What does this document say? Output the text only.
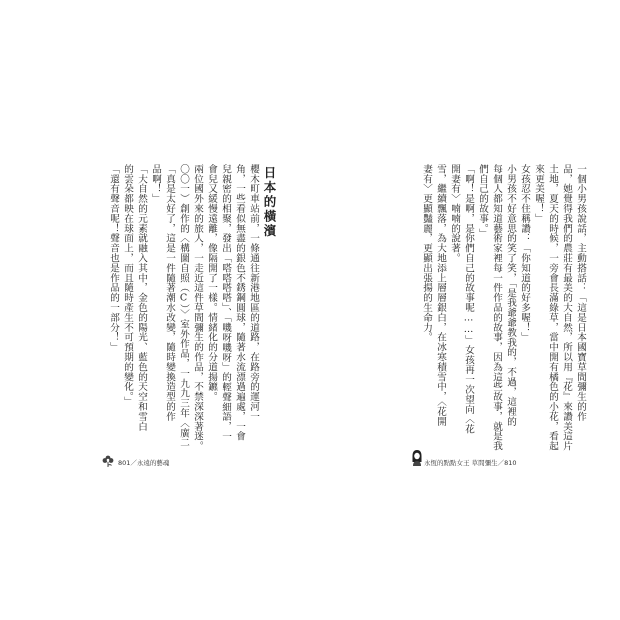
日本的橫濱
櫻木町車站前，一條通往新港地區的道路，在路旁的運河一
角，一些看似無盡的銀色不銹鋼圓球，隨著水流漂過遍處，一會
兒親密的相聚，發出「嗒嗒嗒嗒」、「嘰呀嘰呀」的輕聲細語，一
會兒又緩慢遠離，像隔開了一樣。情緒化的分道揚鑣。
兩位國外來的旅人，一走近這件草間彌生的作品，不禁深深著迷。
〇〇一）創作的〈構圖自照（C）〉室外作品，一九九三年〈廣二
「真是太好了，這是一件隨著潮水改變，隨時變換造型的作
品啊！」
「大自然的元素就融入其中，金色的陽光、藍色的天空和雪白
的雲朵都映在球面上，而且隨時產生不可預期的變化。」
「還有聲音呢！聲音也是作品的一部分！」
801／永遠的藝魂
一個小男孩說話，主動搭話：「這是日本國寶草間彌生的作
品，她覺得我們的農莊有最美的大自然，所以用『花』來讚美這片
土地，夏天的時候，一旁會長滿綠草，當中開有橘色的小花，看起
來更美喔！」
女孩忍不住稱讚：「你知道的好多喔！」
小男孩不好意思的笑了笑，「是我爺爺教我的，不過，這裡的
每個人都知道藝術家裡每一件作品的故事，因為這些故事，就是我
們自己的故事。」
「啊！是啊，是你們自己的故事呢……」女孩再一次望向〈花
開妻有〉喃喃的說著。
雪，繼續飄落，為大地添上層層銀白，在冰寒積雪中，〈花開
妻有〉更顯豔麗，更顯出張揚的生命力。
永恆的點點女王 草間彌生／810
